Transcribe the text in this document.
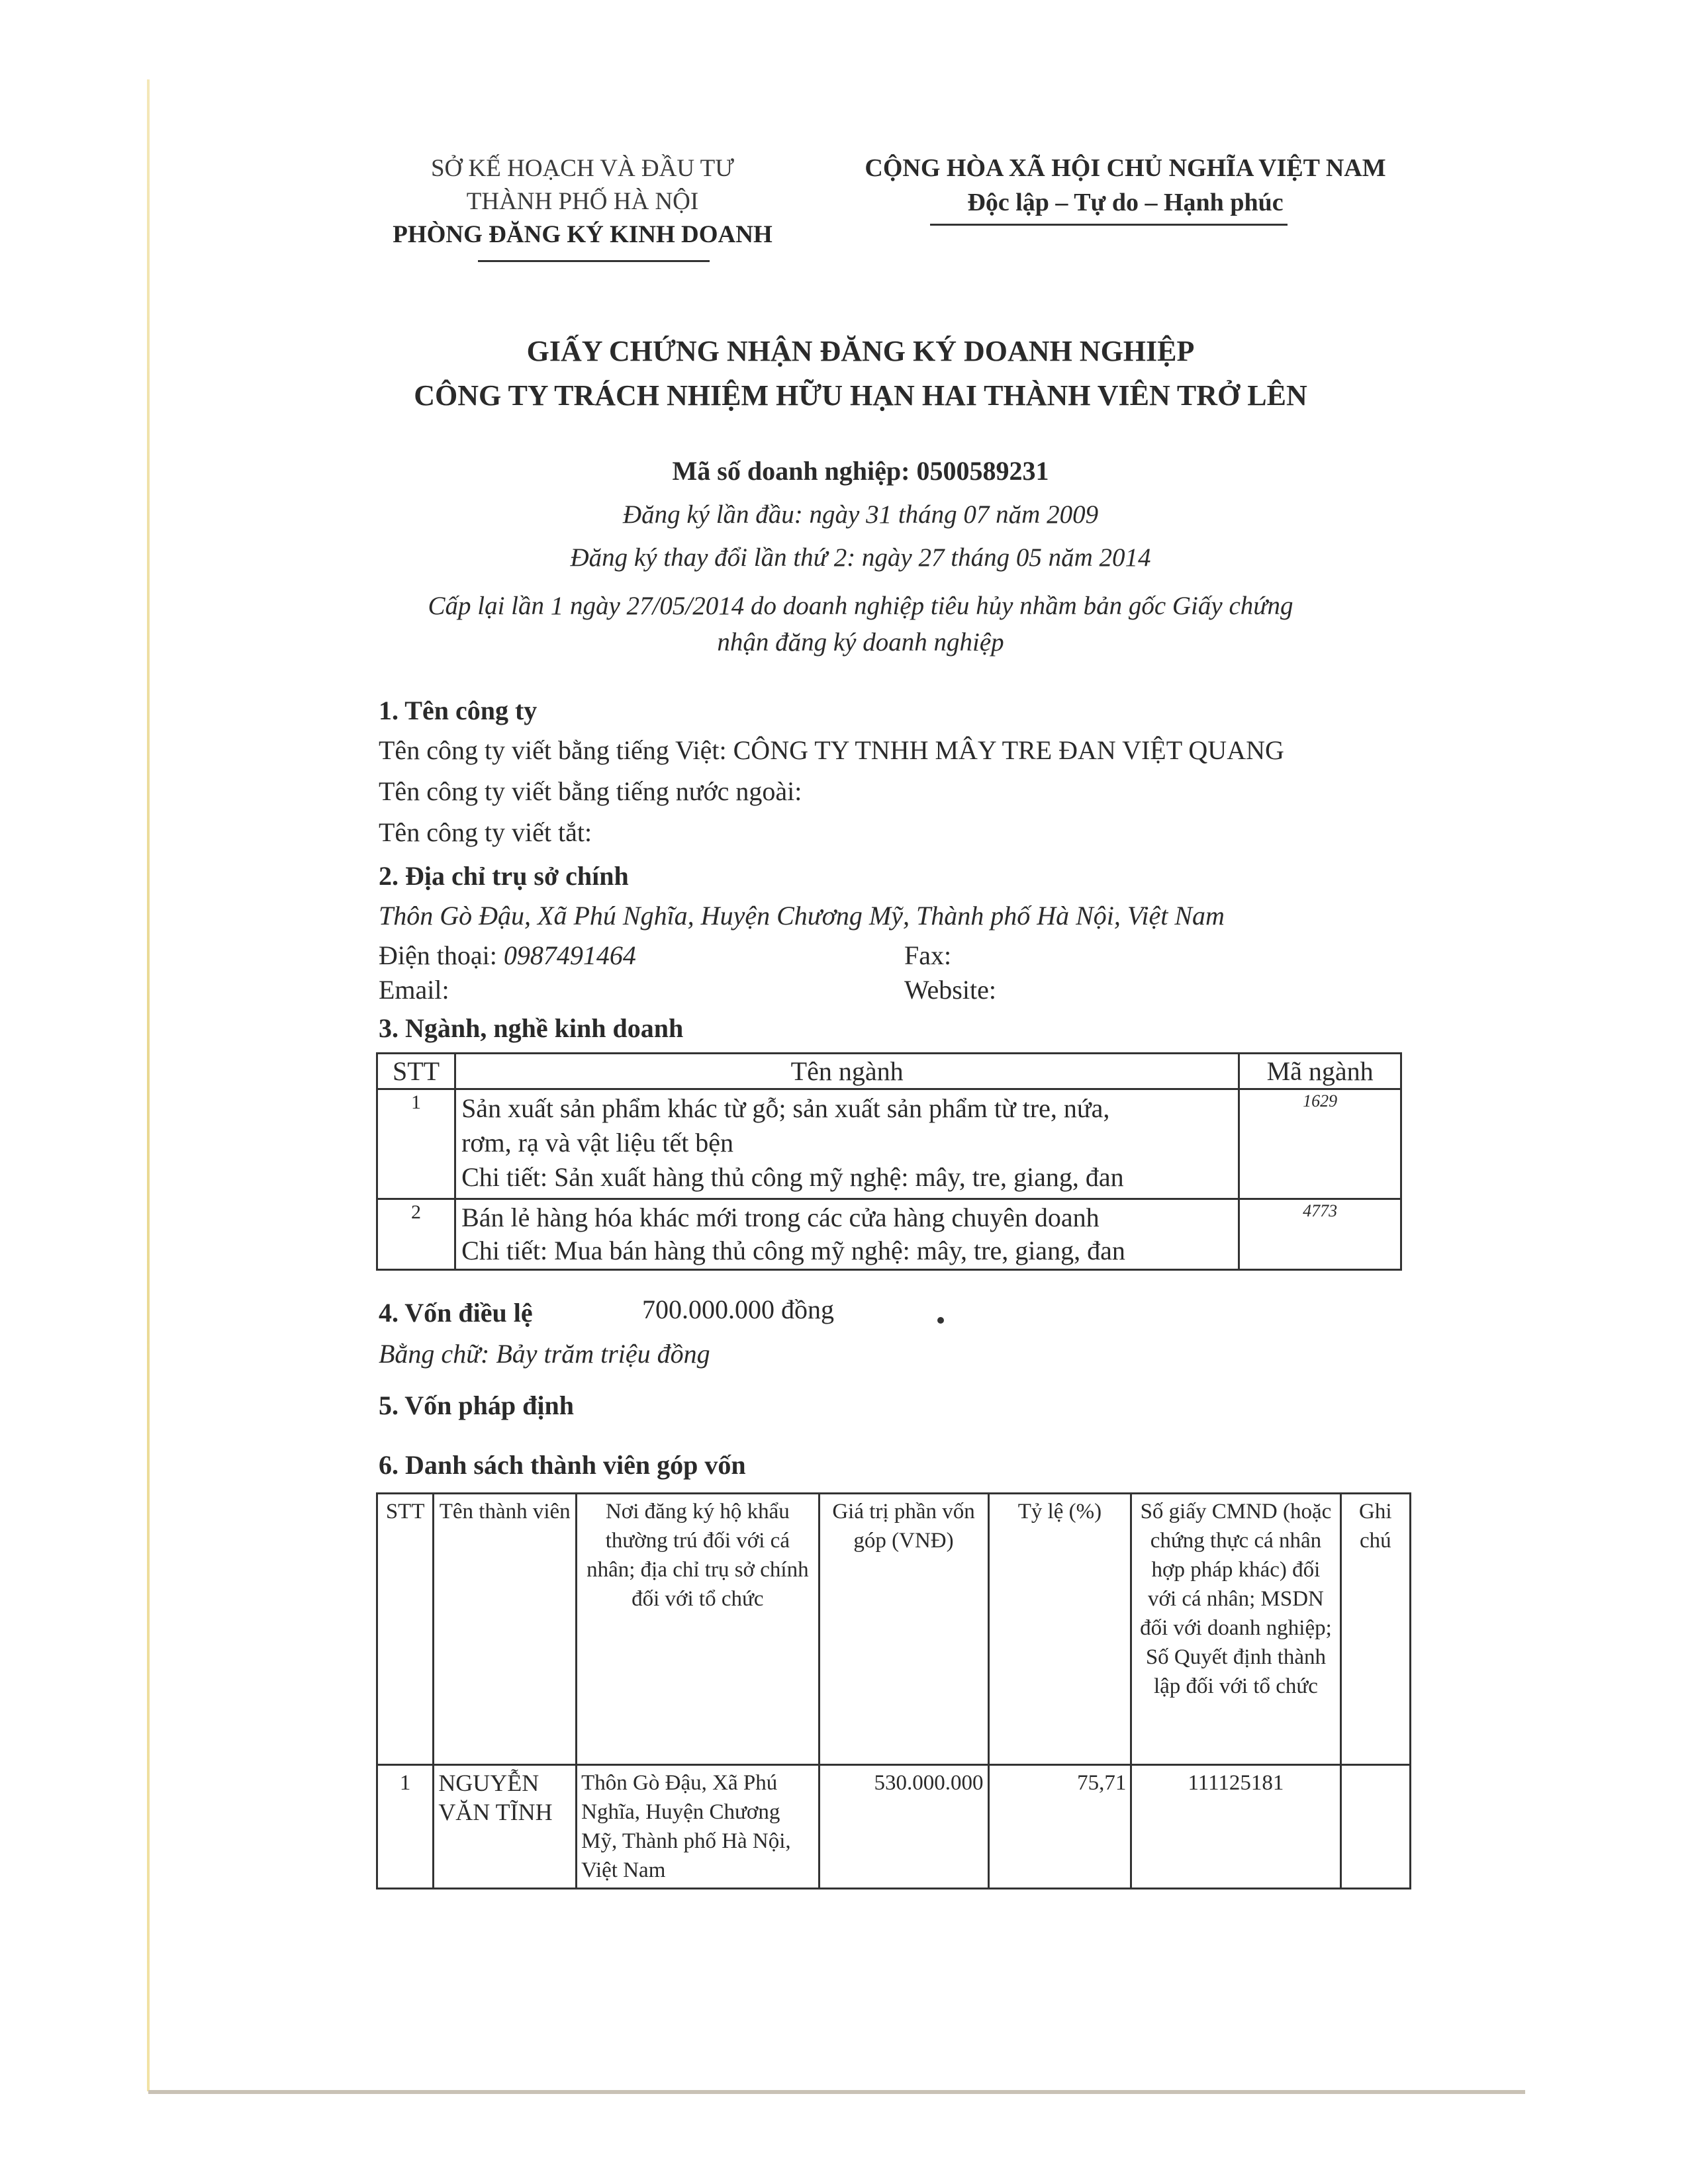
SỞ KẾ HOẠCH VÀ ĐẦU TƯ
THÀNH PHỐ HÀ NỘI
PHÒNG ĐĂNG KÝ KINH DOANH
CỘNG HÒA XÃ HỘI CHỦ NGHĨA VIỆT NAM
Độc lập – Tự do – Hạnh phúc
GIẤY CHỨNG NHẬN ĐĂNG KÝ DOANH NGHIỆP
CÔNG TY TRÁCH NHIỆM HỮU HẠN HAI THÀNH VIÊN TRỞ LÊN
Mã số doanh nghiệp: 0500589231
Đăng ký lần đầu: ngày 31 tháng 07 năm 2009
Đăng ký thay đổi lần thứ 2: ngày 27 tháng 05 năm 2014
Cấp lại lần 1 ngày 27/05/2014 do doanh nghiệp tiêu hủy nhầm bản gốc Giấy chứng
nhận đăng ký doanh nghiệp
1. Tên công ty
Tên công ty viết bằng tiếng Việt: CÔNG TY TNHH MÂY TRE ĐAN VIỆT QUANG
Tên công ty viết bằng tiếng nước ngoài:
Tên công ty viết tắt:
2. Địa chỉ trụ sở chính
Thôn Gò Đậu, Xã Phú Nghĩa, Huyện Chương Mỹ, Thành phố Hà Nội, Việt Nam
Điện thoại: 0987491464	Fax:
Email:	Website:
3. Ngành, nghề kinh doanh
STT	Tên ngành	Mã ngành
1	Sản xuất sản phẩm khác từ gỗ; sản xuất sản phẩm từ tre, nứa,
rơm, rạ và vật liệu tết bện
Chi tiết: Sản xuất hàng thủ công mỹ nghệ: mây, tre, giang, đan	1629
2	Bán lẻ hàng hóa khác mới trong các cửa hàng chuyên doanh
Chi tiết: Mua bán hàng thủ công mỹ nghệ: mây, tre, giang, đan	4773
4. Vốn điều lệ	700.000.000 đồng
Bằng chữ: Bảy trăm triệu đồng
5. Vốn pháp định
6. Danh sách thành viên góp vốn
STT	Tên thành viên	Nơi đăng ký hộ khẩu thường trú đối với cá nhân; địa chỉ trụ sở chính đối với tổ chức	Giá trị phần vốn góp (VNĐ)	Tỷ lệ (%)	Số giấy CMND (hoặc chứng thực cá nhân hợp pháp khác) đối với cá nhân; MSDN đối với doanh nghiệp; Số Quyết định thành lập đối với tổ chức	Ghi chú
1	NGUYỄN VĂN TĨNH	Thôn Gò Đậu, Xã Phú Nghĩa, Huyện Chương Mỹ, Thành phố Hà Nội, Việt Nam	530.000.000	75,71	111125181	
